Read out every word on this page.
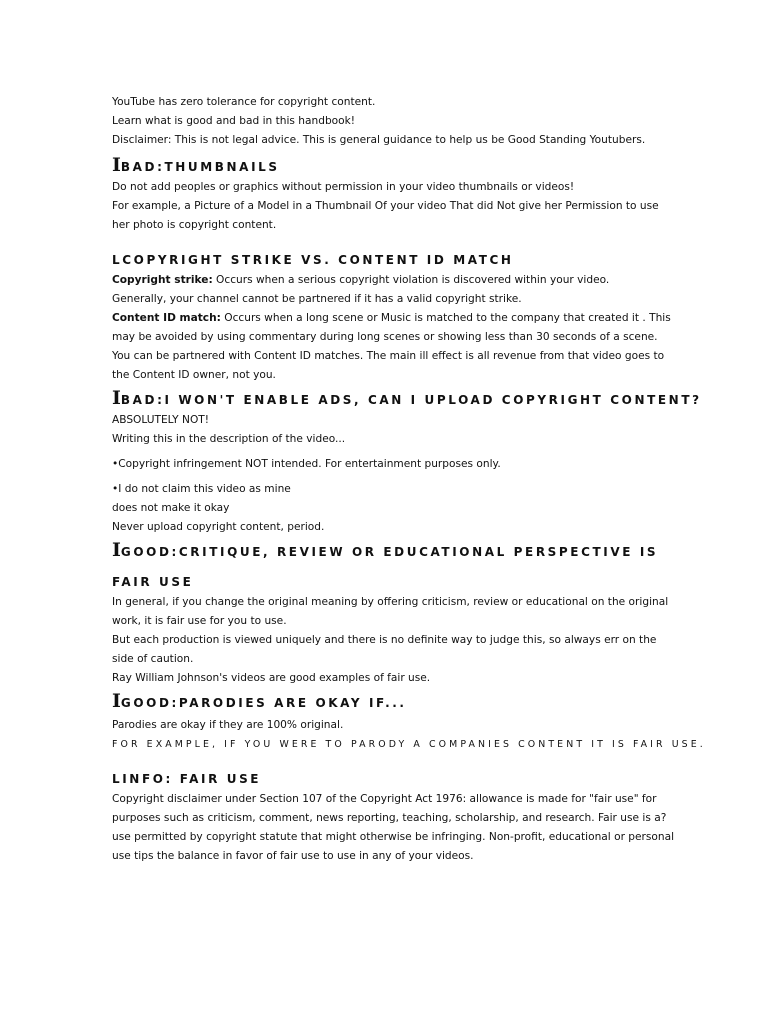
YouTube has zero tolerance for copyright content.

Learn what is good and bad in this handbook!

Disclaimer: This is not legal advice. This is general guidance to help us be Good Standing Youtubers.

IBAD:THUMBNAILS

Do not add peoples or graphics without permission in your video thumbnails or videos!

For example, a Picture of a Model in a Thumbnail Of your video That did Not give her Permission to use

her photo is copyright content.

LCOPYRIGHT STRIKE VS. CONTENT ID MATCH

Copyright strike: Occurs when a serious copyright violation is discovered within your video.

Generally, your channel cannot be partnered if it has a valid copyright strike.

Content ID match: Occurs when a long scene or Music is matched to the company that created it . This

may be avoided by using commentary during long scenes or showing less than 30 seconds of a scene.

You can be partnered with Content ID matches. The main ill effect is all revenue from that video goes to

the Content ID owner, not you.

IBAD:I WON'T ENABLE ADS, CAN I UPLOAD COPYRIGHT CONTENT?

ABSOLUTELY NOT!

Writing this in the description of the video...

•Copyright infringement NOT intended. For entertainment purposes only.

•I do not claim this video as mine

does not make it okay

Never upload copyright content, period.

IGOOD:CRITIQUE, REVIEW OR EDUCATIONAL PERSPECTIVE IS
FAIR USE

In general, if you change the original meaning by offering criticism, review or educational on the original

work, it is fair use for you to use.

But each production is viewed uniquely and there is no definite way to judge this, so always err on the

side of caution.

Ray William Johnson's videos are good examples of fair use.

IGOOD:PARODIES ARE OKAY IF...

Parodies are okay if they are 100% original.

FOR EXAMPLE, IF YOU WERE TO PARODY A COMPANIES CONTENT IT IS FAIR USE.

LINFO: FAIR USE

Copyright disclaimer under Section 107 of the Copyright Act 1976: allowance is made for "fair use" for

purposes such as criticism, comment, news reporting, teaching, scholarship, and research. Fair use is a?

use permitted by copyright statute that might otherwise be infringing. Non-profit, educational or personal

use tips the balance in favor of fair use to use in any of your videos.
